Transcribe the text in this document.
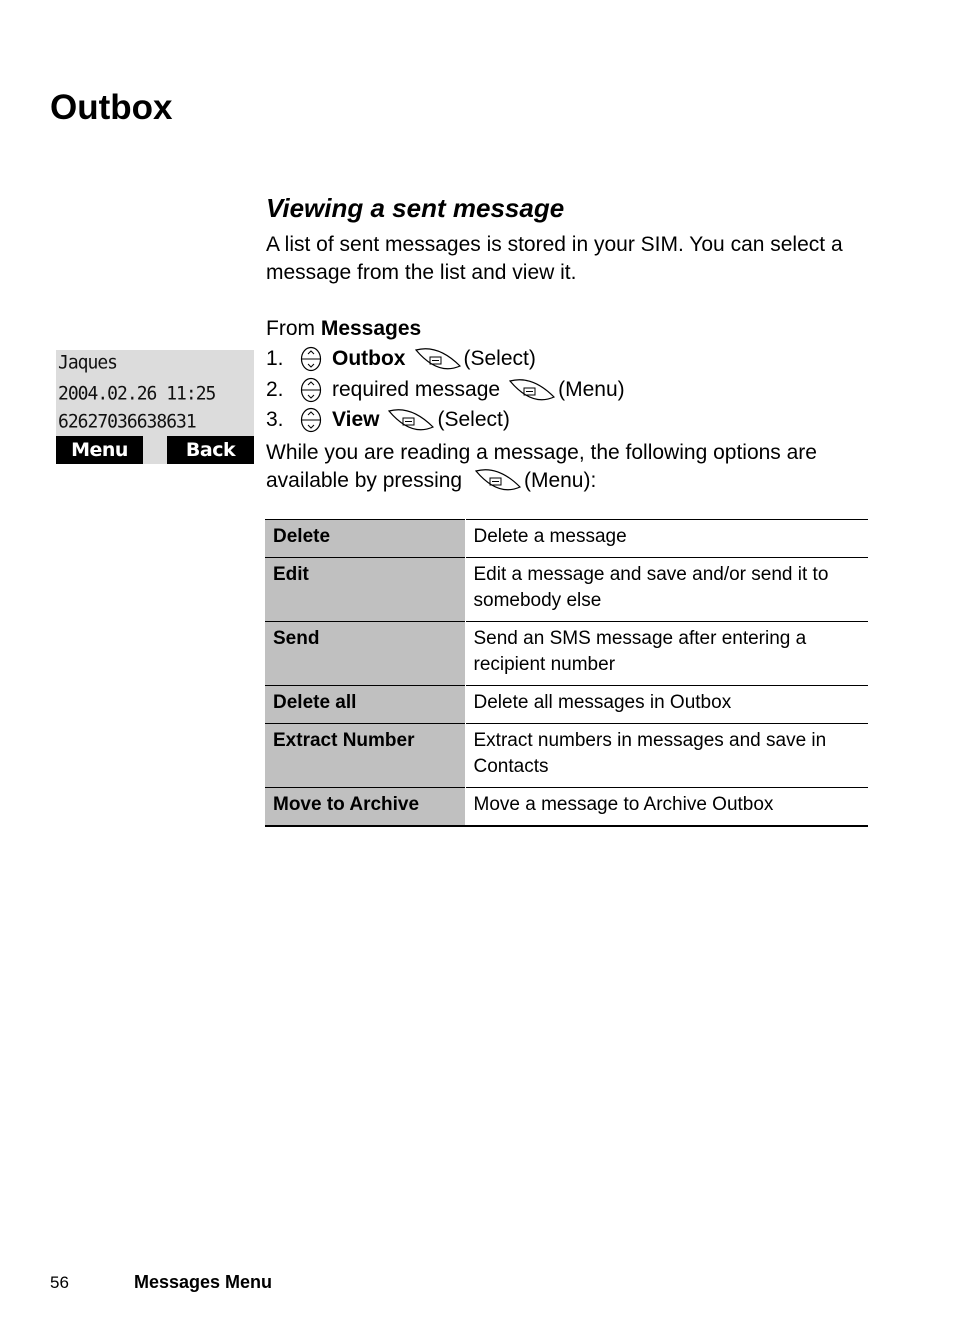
Outbox
Viewing a sent message

A list of sent messages is stored in your SIM. You can select a message from the list and view it.

From Messages

1.	Outbox	(Select)
2.	required message	(Menu)
3.	View	(Select)

While you are reading a message, the following options are available by pressing	(Menu):

Jaques
2004.02.26 11:25
62627036638631
Menu	Back
Delete	Delete a message
Edit	Edit a message and save and/or send it to somebody else
Send	Send an SMS message after entering a recipient number
Delete all	Delete all messages in Outbox
Extract Number	Extract numbers in messages and save in Contacts
Move to Archive	Move a message to Archive Outbox
56	Messages Menu
